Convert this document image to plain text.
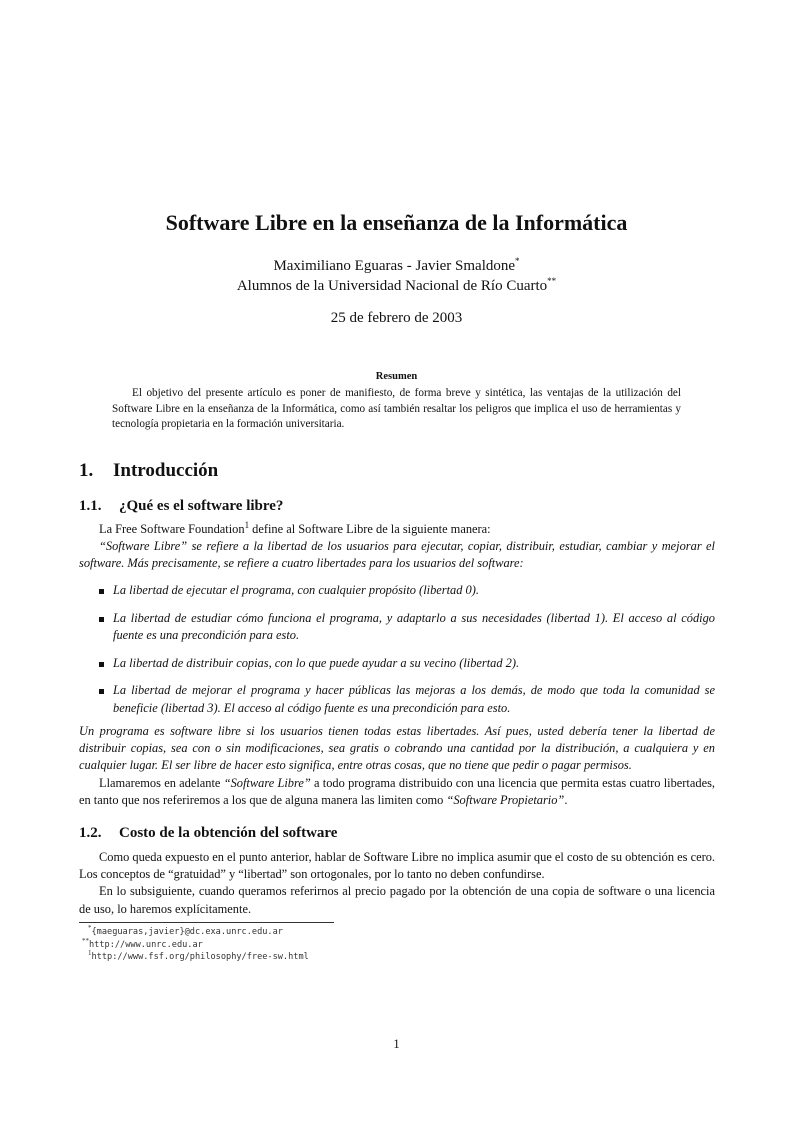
Software Libre en la enseñanza de la Informática
Maximiliano Eguaras - Javier Smaldone*
Alumnos de la Universidad Nacional de Río Cuarto**
25 de febrero de 2003
Resumen
El objetivo del presente artículo es poner de manifiesto, de forma breve y sintética, las ventajas de la utilización del Software Libre en la enseñanza de la Informática, como así también resaltar los peligros que implica el uso de herramientas y tecnología propietaria en la formación universitaria.
1. Introducción
1.1. ¿Qué es el software libre?

La Free Software Foundation$^1$ define al Software Libre de la siguiente manera:

“Software Libre” se refiere a la libertad de los usuarios para ejecutar, copiar, distribuir, estudiar, cambiar y mejorar el software. Más precisamente, se refiere a cuatro libertades para los usuarios del software:

La libertad de ejecutar el programa, con cualquier propósito (libertad 0).
La libertad de estudiar cómo funciona el programa, y adaptarlo a sus necesidades (libertad 1). El acceso al código fuente es una precondición para esto.
La libertad de distribuir copias, con lo que puede ayudar a su vecino (libertad 2).
La libertad de mejorar el programa y hacer públicas las mejoras a los demás, de modo que toda la comunidad se beneficie (libertad 3). El acceso al código fuente es una precondición para esto.

Un programa es software libre si los usuarios tienen todas estas libertades. Así pues, usted debería tener la libertad de distribuir copias, sea con o sin modificaciones, sea gratis o cobrando una cantidad por la distribución, a cualquiera y en cualquier lugar. El ser libre de hacer esto significa, entre otras cosas, que no tiene que pedir o pagar permisos.

Llamaremos en adelante “Software Libre” a todo programa distribuido con una licencia que permita estas cuatro libertades, en tanto que nos referiremos a los que de alguna manera las limiten como “Software Propietario”.

1.2. Costo de la obtención del software

Como queda expuesto en el punto anterior, hablar de Software Libre no implica asumir que el costo de su obtención es cero. Los conceptos de “gratuidad” y “libertad” son ortogonales, por lo tanto no deben confundirse.

En lo subsiguiente, cuando queramos referirnos al precio pagado por la obtención de una copia de software o una licencia de uso, lo haremos explícitamente.

*{maeguaras,javier}@dc.exa.unrc.edu.ar
**http://www.unrc.edu.ar
$^1$http://www.fsf.org/philosophy/free-sw.html
1
